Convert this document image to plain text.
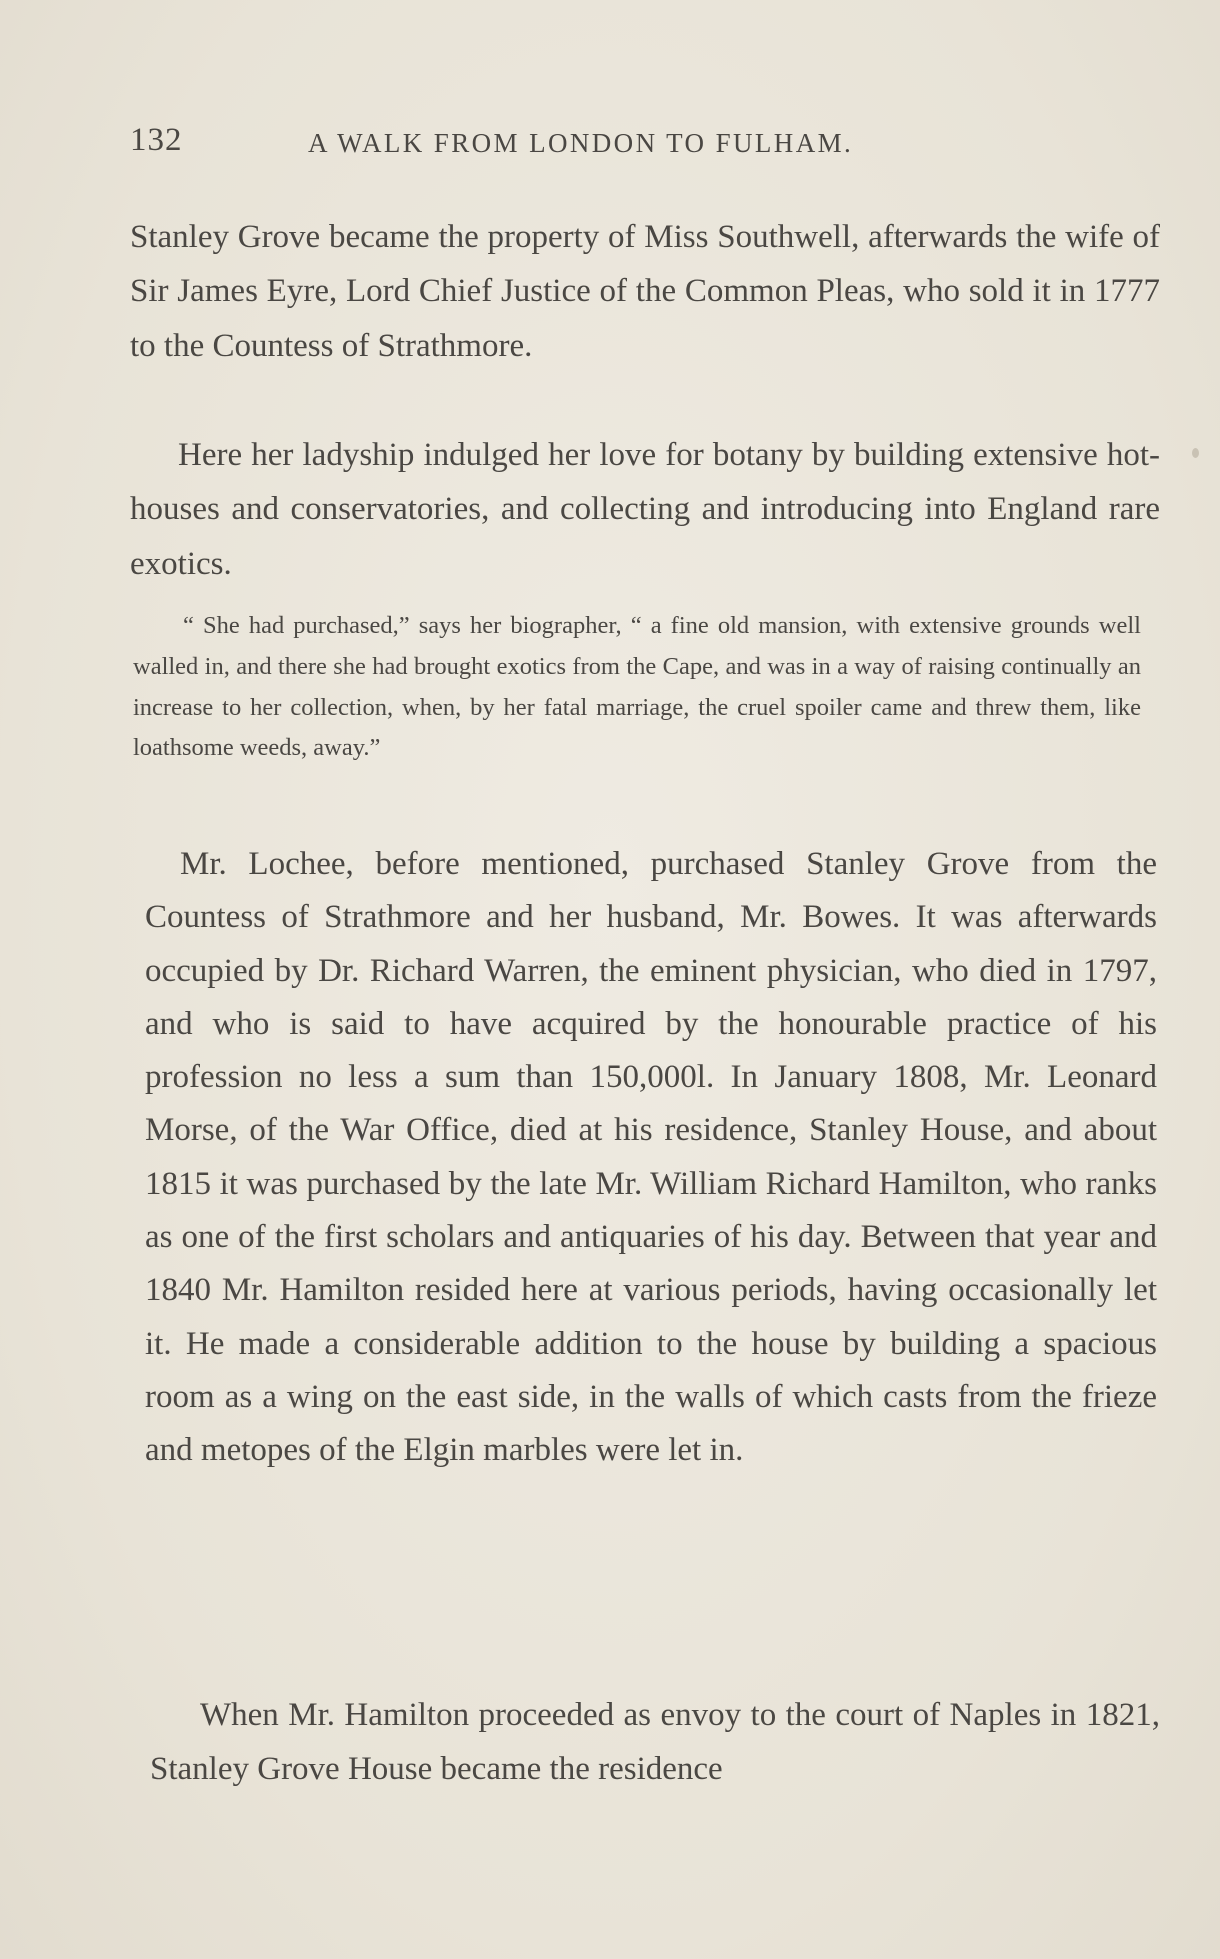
132	A WALK FROM LONDON TO FULHAM.

Stanley Grove became the property of Miss Southwell, afterwards the wife of Sir James Eyre, Lord Chief Justice of the Common Pleas, who sold it in 1777 to the Countess of Strathmore.

Here her ladyship indulged her love for botany by building extensive hot-houses and conservatories, and collecting and introducing into England rare exotics.

“ She had purchased,” says her biographer, “ a fine old mansion, with extensive grounds well walled in, and there she had brought exotics from the Cape, and was in a way of raising continually an increase to her collection, when, by her fatal marriage, the cruel spoiler came and threw them, like loathsome weeds, away.”

Mr. Lochee, before mentioned, purchased Stanley Grove from the Countess of Strathmore and her husband, Mr. Bowes. It was afterwards occupied by Dr. Richard Warren, the eminent physician, who died in 1797, and who is said to have acquired by the honourable practice of his profession no less a sum than 150,000l. In January 1808, Mr. Leonard Morse, of the War Office, died at his residence, Stanley House, and about 1815 it was purchased by the late Mr. William Richard Hamilton, who ranks as one of the first scholars and antiquaries of his day. Between that year and 1840 Mr. Hamilton resided here at various periods, having occasionally let it. He made a considerable addition to the house by building a spacious room as a wing on the east side, in the walls of which casts from the frieze and metopes of the Elgin marbles were let in.

When Mr. Hamilton proceeded as envoy to the court of Naples in 1821, Stanley Grove House became the residence
